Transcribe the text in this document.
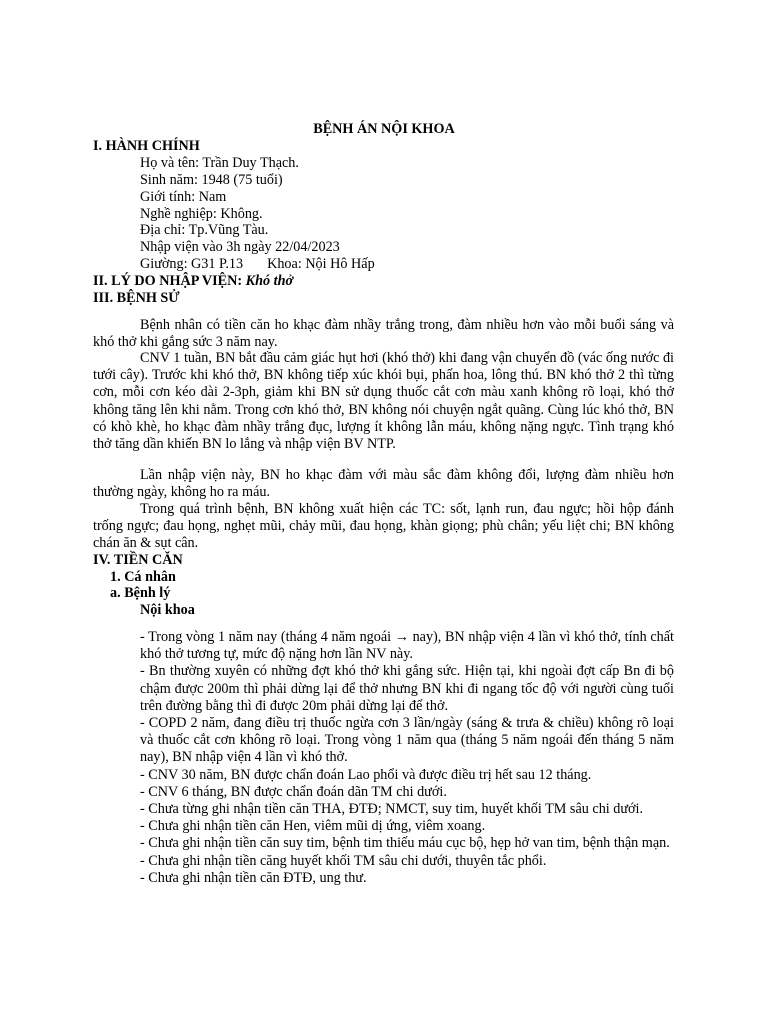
BỆNH ÁN NỘI KHOA
I. HÀNH CHÍNH
Họ và tên: Trần Duy Thạch.
Sinh năm: 1948 (75 tuổi)
Giới tính: Nam
Nghề nghiệp: Không.
Địa chỉ: Tp.Vũng Tàu.
Nhập viện vào 3h ngày 22/04/2023
Giường: G31 P.13 Khoa: Nội Hô Hấp
II. LÝ DO NHẬP VIỆN: Khó thở
III. BỆNH SỬ
Bệnh nhân có tiền căn ho khạc đàm nhầy trắng trong, đàm nhiều hơn vào mỗi buổi sáng và khó thở khi gắng sức 3 năm nay.
CNV 1 tuần, BN bắt đầu cảm giác hụt hơi (khó thở) khi đang vận chuyển đồ (vác ống nước đi tưới cây). Trước khi khó thở, BN không tiếp xúc khói bụi, phấn hoa, lông thú. BN khó thở 2 thì từng cơn, mỗi cơn kéo dài 2-3ph, giảm khi BN sử dụng thuốc cắt cơn màu xanh không rõ loại, khó thở không tăng lên khi nằm. Trong cơn khó thở, BN không nói chuyện ngắt quãng. Cùng lúc khó thở, BN có khò khè, ho khạc đàm nhầy trắng đục, lượng ít không lẫn máu, không nặng ngực. Tình trạng khó thở tăng dần khiến BN lo lắng và nhập viện BV NTP.
Lần nhập viện này, BN ho khạc đàm với màu sắc đàm không đổi, lượng đàm nhiều hơn thường ngày, không ho ra máu.
Trong quá trình bệnh, BN không xuất hiện các TC: sốt, lạnh run, đau ngực; hồi hộp đánh trống ngực; đau họng, nghẹt mũi, chảy mũi, đau họng, khàn giọng; phù chân; yếu liệt chi; BN không chán ăn & sụt cân.
IV. TIỀN CĂN
1. Cá nhân
a. Bệnh lý
Nội khoa

- Trong vòng 1 năm nay (tháng 4 năm ngoái → nay), BN nhập viện 4 lần vì khó thở, tính chất khó thở tương tự, mức độ nặng hơn lần NV này.

- Bn thường xuyên có những đợt khó thở khi gắng sức. Hiện tại, khi ngoài đợt cấp Bn đi bộ chậm được 200m thì phải dừng lại để thở nhưng BN khi đi ngang tốc độ với người cùng tuổi trên đường bằng thì đi được 20m phải dừng lại để thở.

- COPD 2 năm, đang điều trị thuốc ngừa cơn 3 lần/ngày (sáng & trưa & chiều) không rõ loại và thuốc cắt cơn không rõ loại. Trong vòng 1 năm qua (tháng 5 năm ngoái đến tháng 5 năm nay), BN nhập viện 4 lần vì khó thở.

- CNV 30 năm, BN được chẩn đoán Lao phổi và được điều trị hết sau 12 tháng.

- CNV 6 tháng, BN được chẩn đoán dãn TM chi dưới.

- Chưa từng ghi nhận tiền căn THA, ĐTĐ; NMCT, suy tim, huyết khối TM sâu chi dưới.

- Chưa ghi nhận tiền căn Hen, viêm mũi dị ứng, viêm xoang.

- Chưa ghi nhận tiền căn suy tim, bệnh tim thiếu máu cục bộ, hẹp hở van tim, bệnh thận mạn.

- Chưa ghi nhận tiền căng huyết khối TM sâu chi dưới, thuyên tắc phổi.

- Chưa ghi nhận tiền căn ĐTĐ, ung thư.
